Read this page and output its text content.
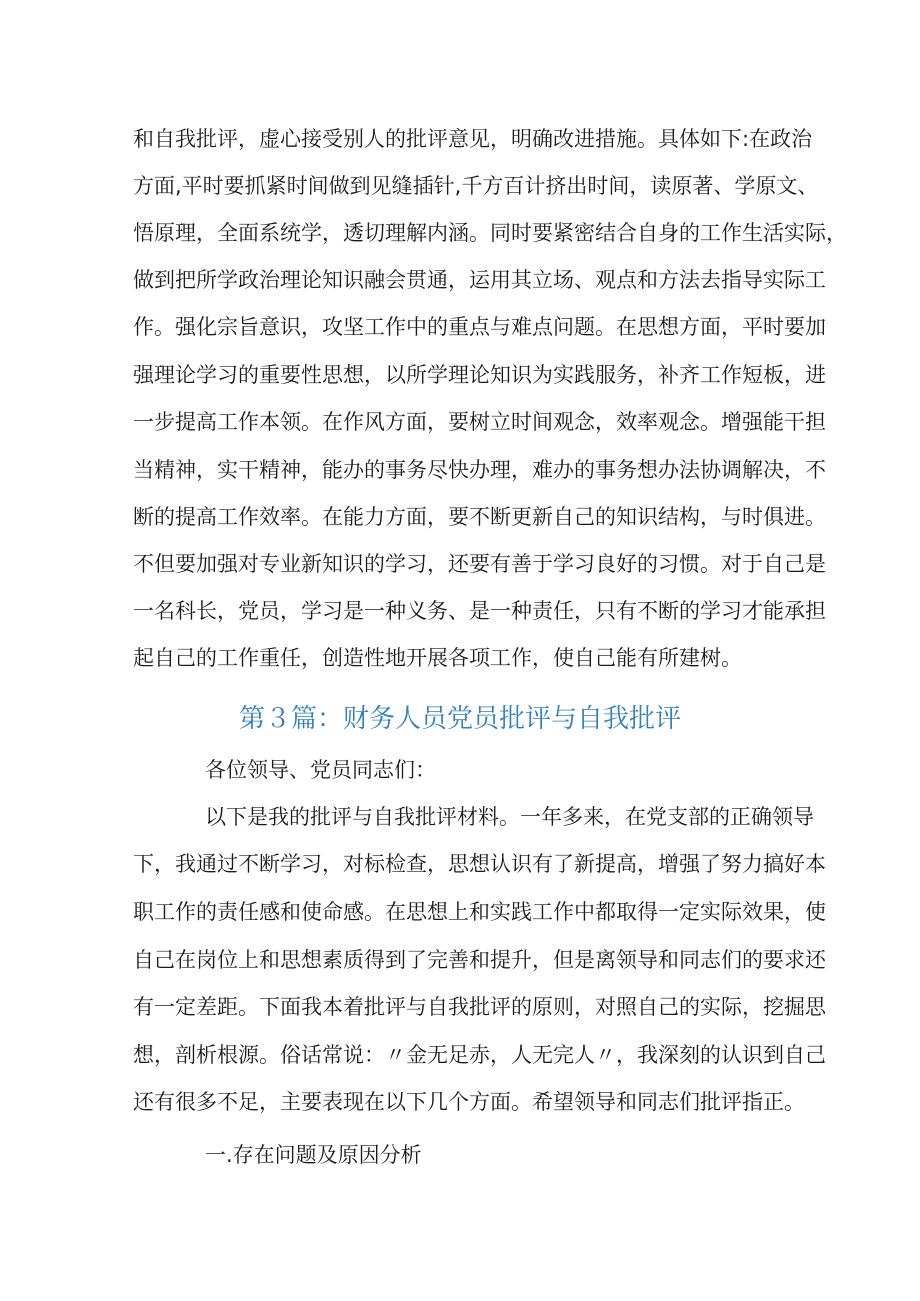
和自我批评，虚心接受别人的批评意见，明确改进措施。具体如下:在政治
方面,平时要抓紧时间做到见缝插针,千方百计挤出时间，读原著、学原文、
悟原理，全面系统学，透切理解内涵。同时要紧密结合自身的工作生活实际，
做到把所学政治理论知识融会贯通，运用其立场、观点和方法去指导实际工
作。强化宗旨意识，攻坚工作中的重点与难点问题。在思想方面，平时要加
强理论学习的重要性思想，以所学理论知识为实践服务，补齐工作短板，进
一步提高工作本领。在作风方面，要树立时间观念，效率观念。增强能干担
当精神，实干精神，能办的事务尽快办理，难办的事务想办法协调解决，不
断的提高工作效率。在能力方面，要不断更新自己的知识结构，与时俱进。
不但要加强对专业新知识的学习，还要有善于学习良好的习惯。对于自己是
一名科长，党员，学习是一种义务、是一种责任，只有不断的学习才能承担
起自己的工作重任，创造性地开展各项工作，使自己能有所建树。
第３篇：财务人员党员批评与自我批评
各位领导、党员同志们：
以下是我的批评与自我批评材料。一年多来，在党支部的正确领导
下，我通过不断学习，对标检查，思想认识有了新提高，增强了努力搞好本
职工作的责任感和使命感。在思想上和实践工作中都取得一定实际效果，使
自己在岗位上和思想素质得到了完善和提升，但是离领导和同志们的要求还
有一定差距。下面我本着批评与自我批评的原则，对照自己的实际，挖掘思
想，剖析根源。俗话常说：〃金无足赤，人无完人〃，我深刻的认识到自己
还有很多不足，主要表现在以下几个方面。希望领导和同志们批评指正。
一.存在问题及原因分析
